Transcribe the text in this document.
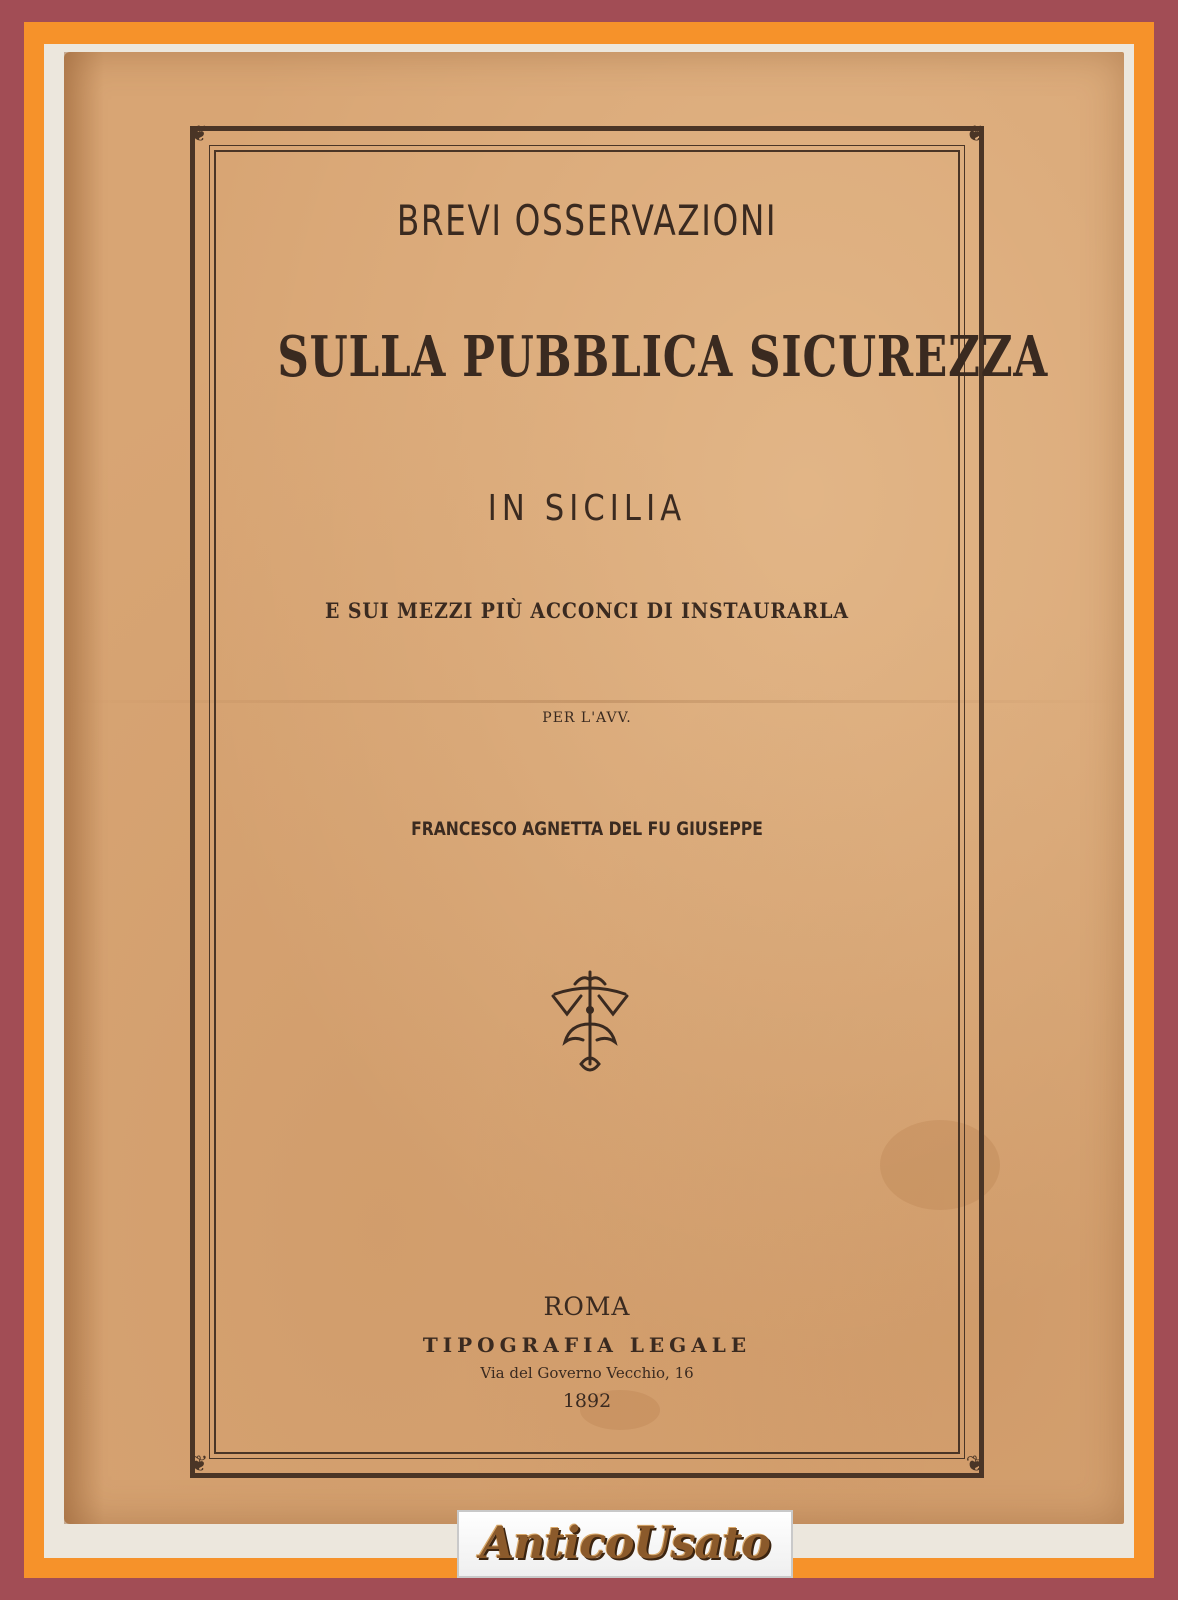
❦	❦
❦	❦
BREVI OSSERVAZIONI
SULLA PUBBLICA SICUREZZA
IN SICILIA
E SUI MEZZI PIÙ ACCONCI DI INSTAURARLA
PER L'AVV.
FRANCESCO AGNETTA DEL FU GIUSEPPE
ROMA
TIPOGRAFIA LEGALE
Via del Governo Vecchio, 16
1892
AnticoUsato
